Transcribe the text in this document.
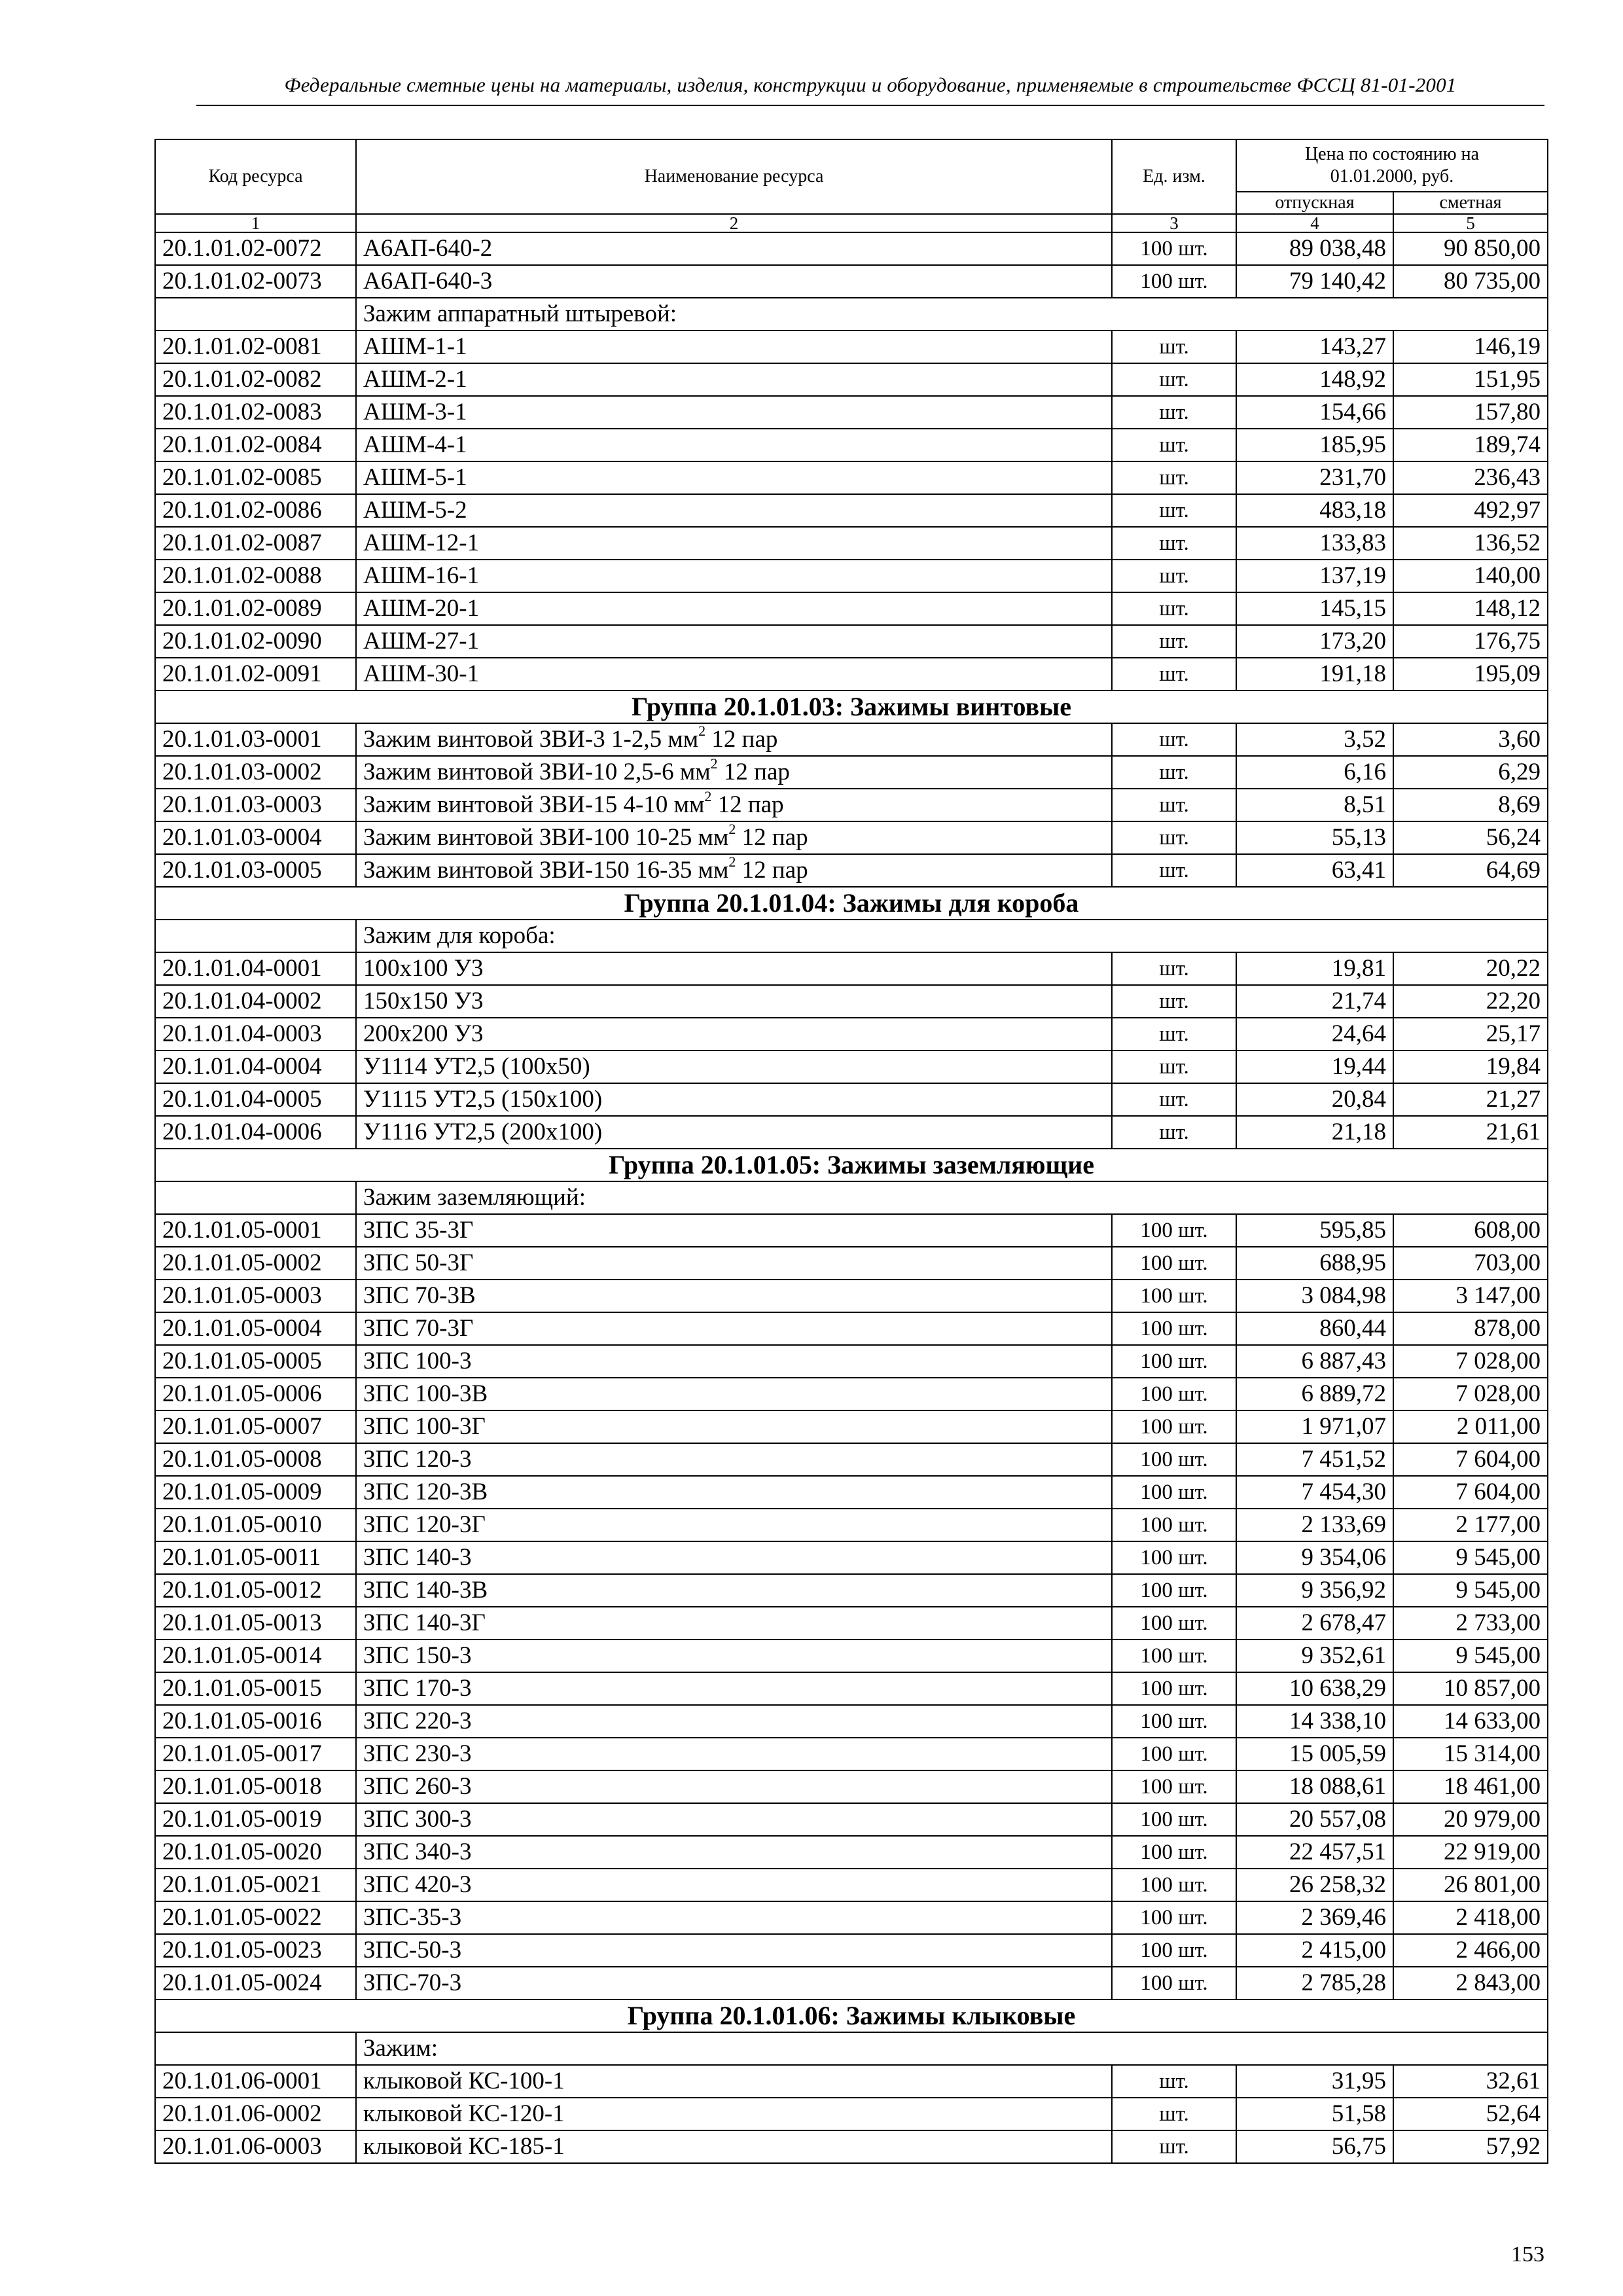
Федеральные сметные цены на материалы, изделия, конструкции и оборудование, применяемые в строительстве ФССЦ 81-01-2001
Код ресурса	Наименование ресурса	Ед. изм.	Цена по состоянию на
01.01.2000, руб.	
			отпускная	сметная
1	2	3	4	5
20.1.01.02-0072	А6АП-640-2	100 шт.	89 038,48	90 850,00
20.1.01.02-0073	А6АП-640-3	100 шт.	79 140,42	80 735,00
	Зажим аппаратный штыревой:			
20.1.01.02-0081	АШМ-1-1	шт.	143,27	146,19
20.1.01.02-0082	АШМ-2-1	шт.	148,92	151,95
20.1.01.02-0083	АШМ-3-1	шт.	154,66	157,80
20.1.01.02-0084	АШМ-4-1	шт.	185,95	189,74
20.1.01.02-0085	АШМ-5-1	шт.	231,70	236,43
20.1.01.02-0086	АШМ-5-2	шт.	483,18	492,97
20.1.01.02-0087	АШМ-12-1	шт.	133,83	136,52
20.1.01.02-0088	АШМ-16-1	шт.	137,19	140,00
20.1.01.02-0089	АШМ-20-1	шт.	145,15	148,12
20.1.01.02-0090	АШМ-27-1	шт.	173,20	176,75
20.1.01.02-0091	АШМ-30-1	шт.	191,18	195,09
Группа 20.1.01.03: Зажимы винтовые				
20.1.01.03-0001	Зажим винтовой ЗВИ-3 1-2,5 $мм^2$ 12 пар	шт.	3,52	3,60
20.1.01.03-0002	Зажим винтовой ЗВИ-10 2,5-6 $мм^2$ 12 пар	шт.	6,16	6,29
20.1.01.03-0003	Зажим винтовой ЗВИ-15 4-10 $мм^2$ 12 пар	шт.	8,51	8,69
20.1.01.03-0004	Зажим винтовой ЗВИ-100 10-25 $мм^2$ 12 пар	шт.	55,13	56,24
20.1.01.03-0005	Зажим винтовой ЗВИ-150 16-35 $мм^2$ 12 пар	шт.	63,41	64,69
Группа 20.1.01.04: Зажимы для короба				
	Зажим для короба:			
20.1.01.04-0001	100х100 У3	шт.	19,81	20,22
20.1.01.04-0002	150х150 У3	шт.	21,74	22,20
20.1.01.04-0003	200х200 У3	шт.	24,64	25,17
20.1.01.04-0004	У1114 УТ2,5 (100х50)	шт.	19,44	19,84
20.1.01.04-0005	У1115 УТ2,5 (150х100)	шт.	20,84	21,27
20.1.01.04-0006	У1116 УТ2,5 (200х100)	шт.	21,18	21,61
Группа 20.1.01.05: Зажимы заземляющие				
	Зажим заземляющий:			
20.1.01.05-0001	ЗПС 35-3Г	100 шт.	595,85	608,00
20.1.01.05-0002	ЗПС 50-3Г	100 шт.	688,95	703,00
20.1.01.05-0003	ЗПС 70-3В	100 шт.	3 084,98	3 147,00
20.1.01.05-0004	ЗПС 70-3Г	100 шт.	860,44	878,00
20.1.01.05-0005	ЗПС 100-3	100 шт.	6 887,43	7 028,00
20.1.01.05-0006	ЗПС 100-3В	100 шт.	6 889,72	7 028,00
20.1.01.05-0007	ЗПС 100-3Г	100 шт.	1 971,07	2 011,00
20.1.01.05-0008	ЗПС 120-3	100 шт.	7 451,52	7 604,00
20.1.01.05-0009	ЗПС 120-3В	100 шт.	7 454,30	7 604,00
20.1.01.05-0010	ЗПС 120-3Г	100 шт.	2 133,69	2 177,00
20.1.01.05-0011	ЗПС 140-3	100 шт.	9 354,06	9 545,00
20.1.01.05-0012	ЗПС 140-3В	100 шт.	9 356,92	9 545,00
20.1.01.05-0013	ЗПС 140-3Г	100 шт.	2 678,47	2 733,00
20.1.01.05-0014	ЗПС 150-3	100 шт.	9 352,61	9 545,00
20.1.01.05-0015	ЗПС 170-3	100 шт.	10 638,29	10 857,00
20.1.01.05-0016	ЗПС 220-3	100 шт.	14 338,10	14 633,00
20.1.01.05-0017	ЗПС 230-3	100 шт.	15 005,59	15 314,00
20.1.01.05-0018	ЗПС 260-3	100 шт.	18 088,61	18 461,00
20.1.01.05-0019	ЗПС 300-3	100 шт.	20 557,08	20 979,00
20.1.01.05-0020	ЗПС 340-3	100 шт.	22 457,51	22 919,00
20.1.01.05-0021	ЗПС 420-3	100 шт.	26 258,32	26 801,00
20.1.01.05-0022	ЗПС-35-3	100 шт.	2 369,46	2 418,00
20.1.01.05-0023	ЗПС-50-3	100 шт.	2 415,00	2 466,00
20.1.01.05-0024	ЗПС-70-3	100 шт.	2 785,28	2 843,00
Группа 20.1.01.06: Зажимы клыковые				
	Зажим:			
20.1.01.06-0001	клыковой КС-100-1	шт.	31,95	32,61
20.1.01.06-0002	клыковой КС-120-1	шт.	51,58	52,64
20.1.01.06-0003	клыковой КС-185-1	шт.	56,75	57,92
153
